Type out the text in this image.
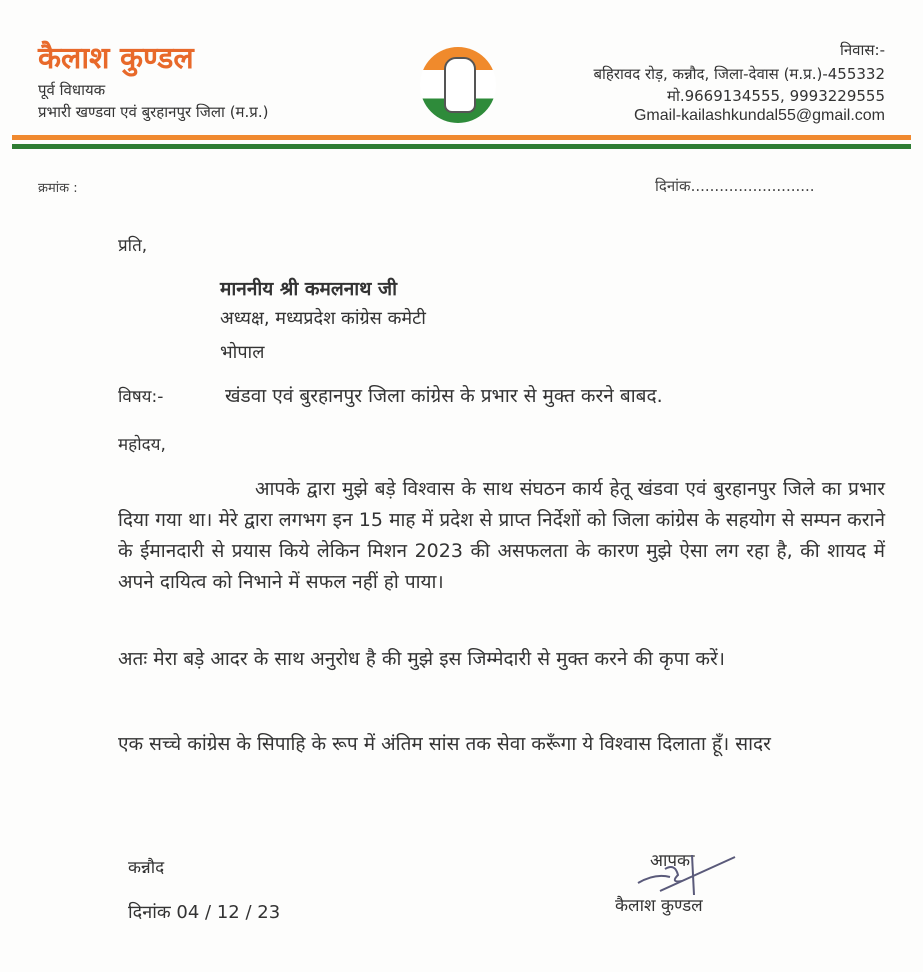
कैलाश कुण्डल
पूर्व विधायक
प्रभारी खण्डवा एवं बुरहानपुर जिला (म.प्र.)
निवास:-
बहिरावद रोड़, कन्नौद, जिला-देवास (म.प्र.)-455332
मो.9669134555, 9993229555
Gmail-kailashkundal55@gmail.com
क्रमांक :	दिनांक..........................
प्रति,
माननीय श्री कमलनाथ जी
अध्यक्ष, मध्यप्रदेश कांग्रेस कमेटी
भोपाल
विषय:-	खंडवा एवं बुरहानपुर जिला कांग्रेस के प्रभार से मुक्त करने बाबद.
महोदय,
आपके द्वारा मुझे बड़े विश्वास के साथ संघठन कार्य हेतू खंडवा एवं बुरहानपुर जिले का प्रभार दिया गया था। मेरे द्वारा लगभग इन 15 माह में प्रदेश से प्राप्त निर्देशों को जिला कांग्रेस के सहयोग से सम्पन कराने के ईमानदारी से प्रयास किये लेकिन मिशन 2023 की असफलता के कारण मुझे ऐसा लग रहा है, की शायद में अपने दायित्व को निभाने में सफल नहीं हो पाया।
अतः मेरा बड़े आदर के साथ अनुरोध है की मुझे इस जिम्मेदारी से मुक्त करने की कृपा करें।
एक सच्चे कांग्रेस के सिपाहि के रूप में अंतिम सांस तक सेवा करूँगा ये विश्वास दिलाता हूँ। सादर
कन्नौद
दिनांक 04 / 12 / 23
आपका
कैलाश कुण्डल
